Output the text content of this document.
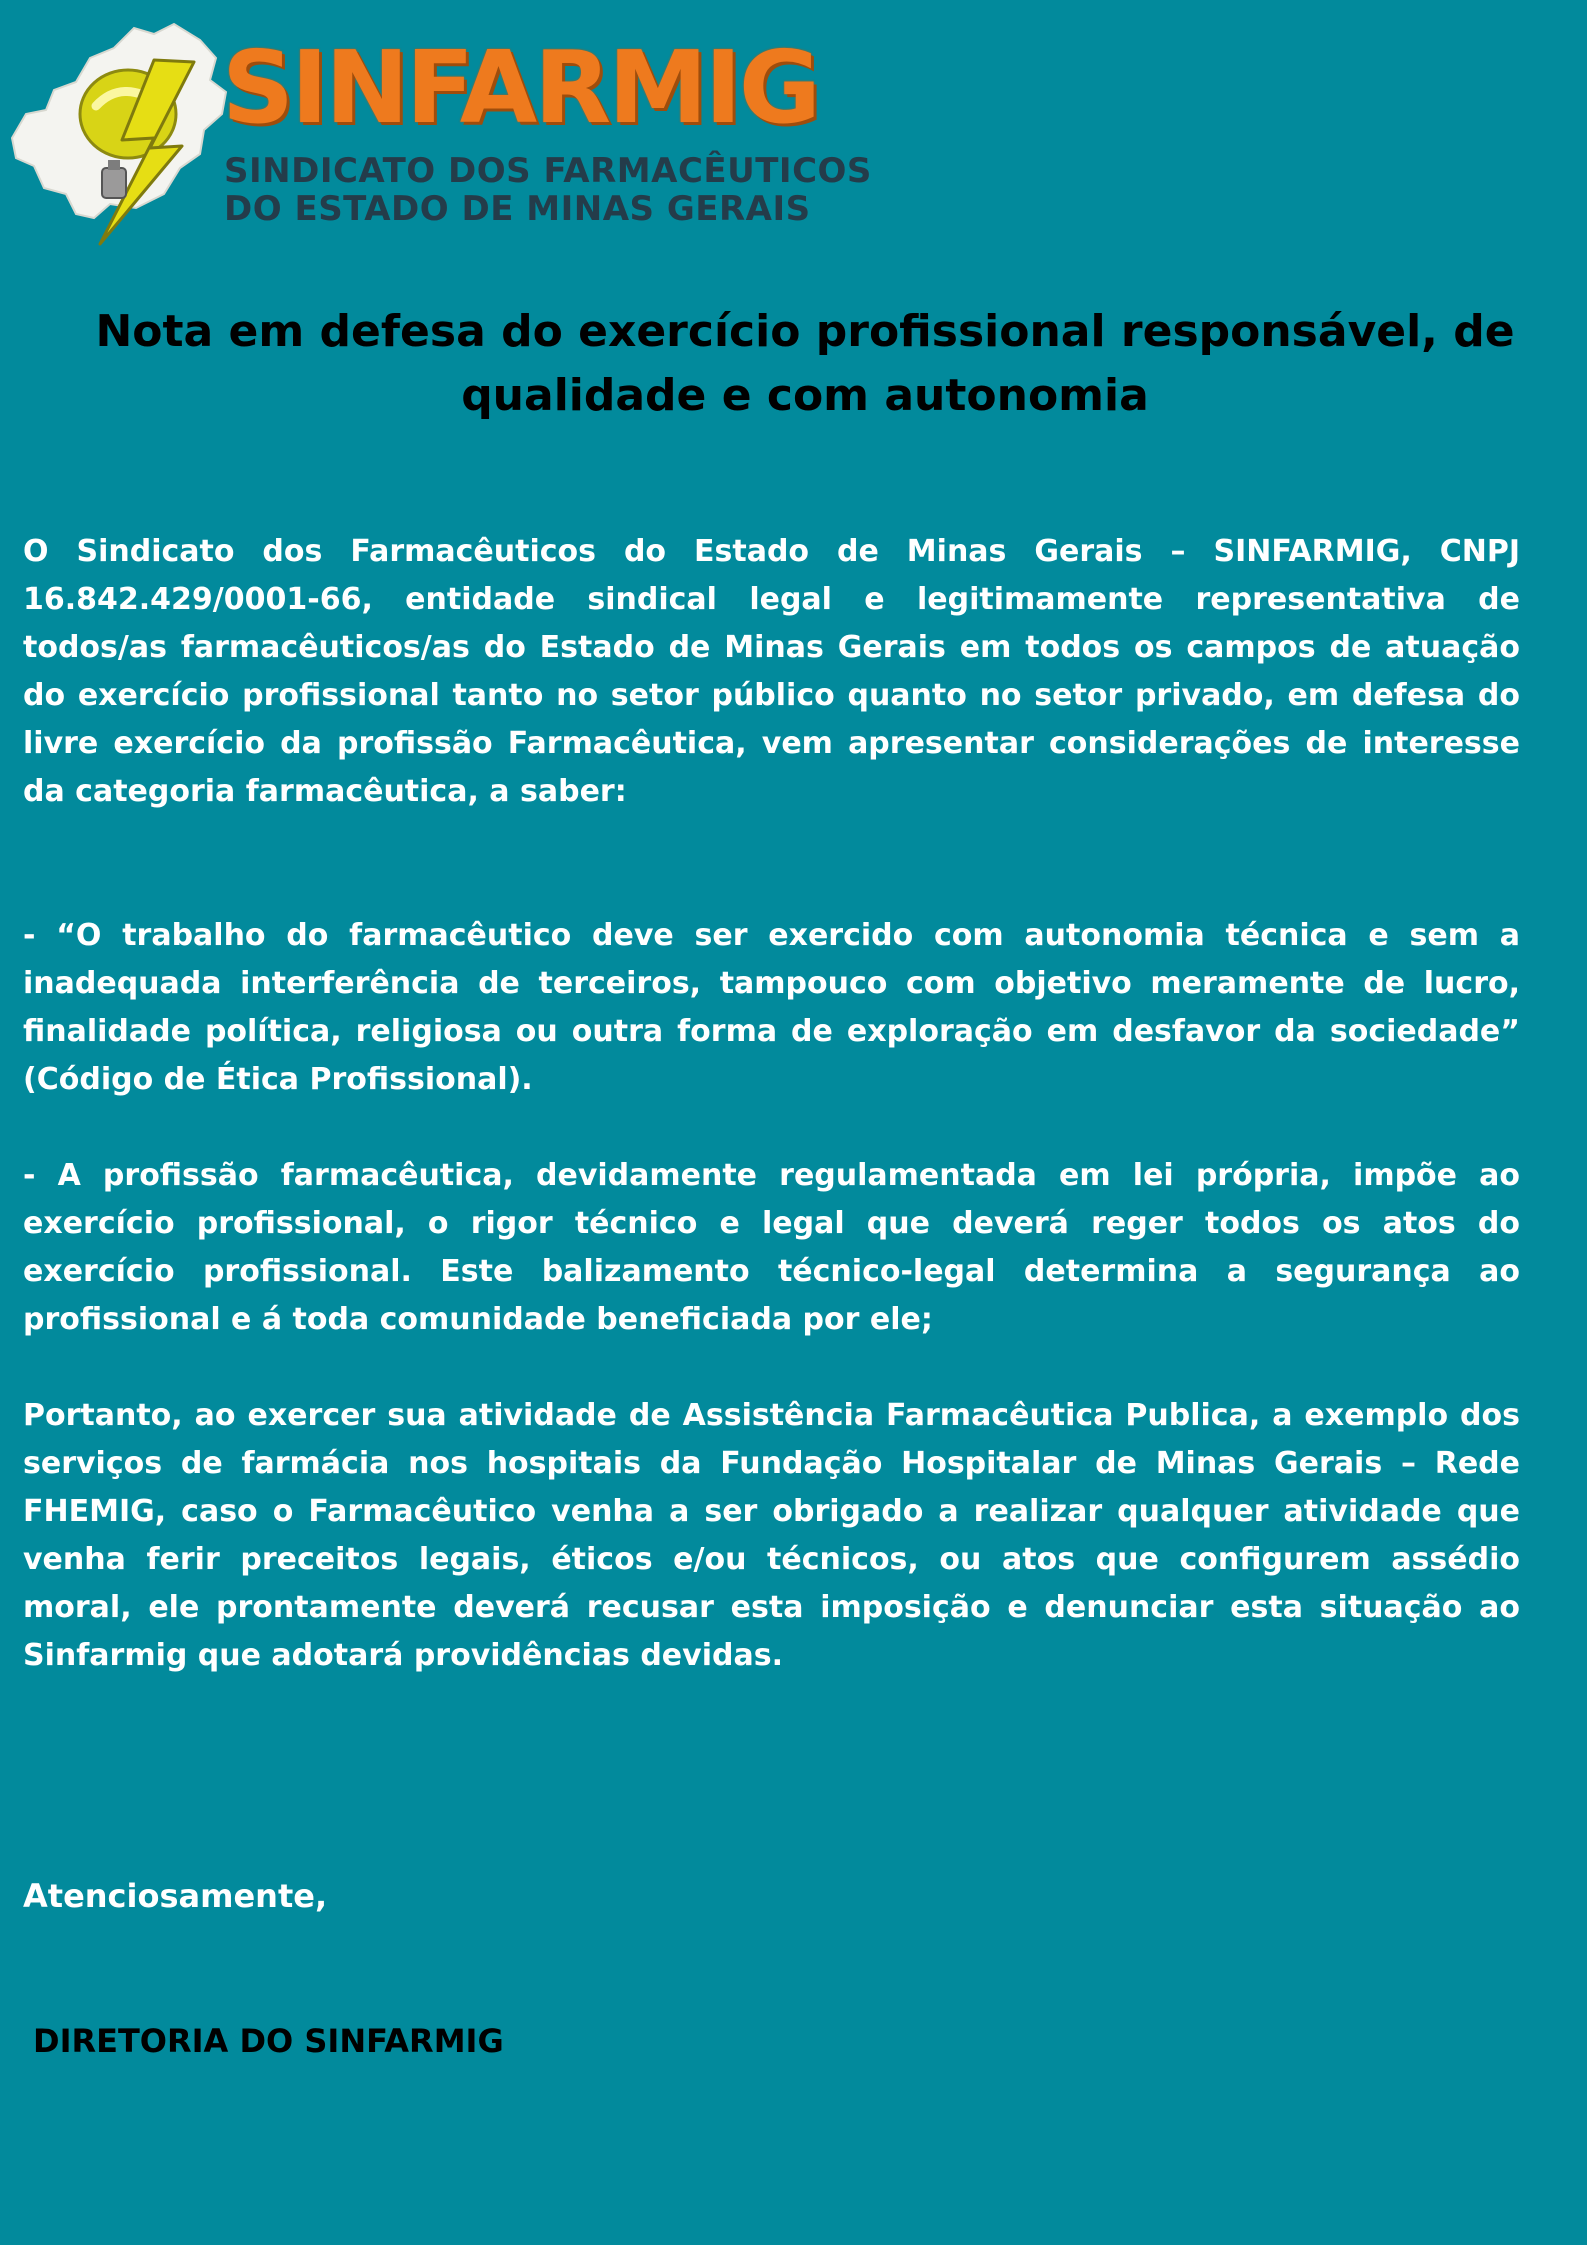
SINFARMIG
SINDICATO DOS FARMACÊUTICOS
DO ESTADO DE MINAS GERAIS
Nota em defesa do exercício profissional responsável, de qualidade e com autonomia

O Sindicato dos Farmacêuticos do Estado de Minas Gerais – SINFARMIG, CNPJ 16.842.429/0001-66, entidade sindical legal e legitimamente representativa de todos/as farmacêuticos/as do Estado de Minas Gerais em todos os campos de atuação do exercício profissional tanto no setor público quanto no setor privado, em defesa do livre exercício da profissão Farmacêutica, vem apresentar considerações de interesse da categoria farmacêutica, a saber:

- “O trabalho do farmacêutico deve ser exercido com autonomia técnica e sem a inadequada interferência de terceiros, tampouco com objetivo meramente de lucro, finalidade política, religiosa ou outra forma de exploração em desfavor da sociedade” (Código de Ética Profissional).

- A profissão farmacêutica, devidamente regulamentada em lei própria, impõe ao exercício profissional, o rigor técnico e legal que deverá reger todos os atos do exercício profissional. Este balizamento técnico-legal determina a segurança ao profissional e á toda comunidade beneficiada por ele;

Portanto, ao exercer sua atividade de Assistência Farmacêutica Publica, a exemplo dos serviços de farmácia nos hospitais da Fundação Hospitalar de Minas Gerais – Rede FHEMIG, caso o Farmacêutico venha a ser obrigado a realizar qualquer atividade que venha ferir preceitos legais, éticos e/ou técnicos, ou atos que configurem assédio moral, ele prontamente deverá recusar esta imposição e denunciar esta situação ao Sinfarmig que adotará providências devidas.

Atenciosamente,

DIRETORIA DO SINFARMIG
